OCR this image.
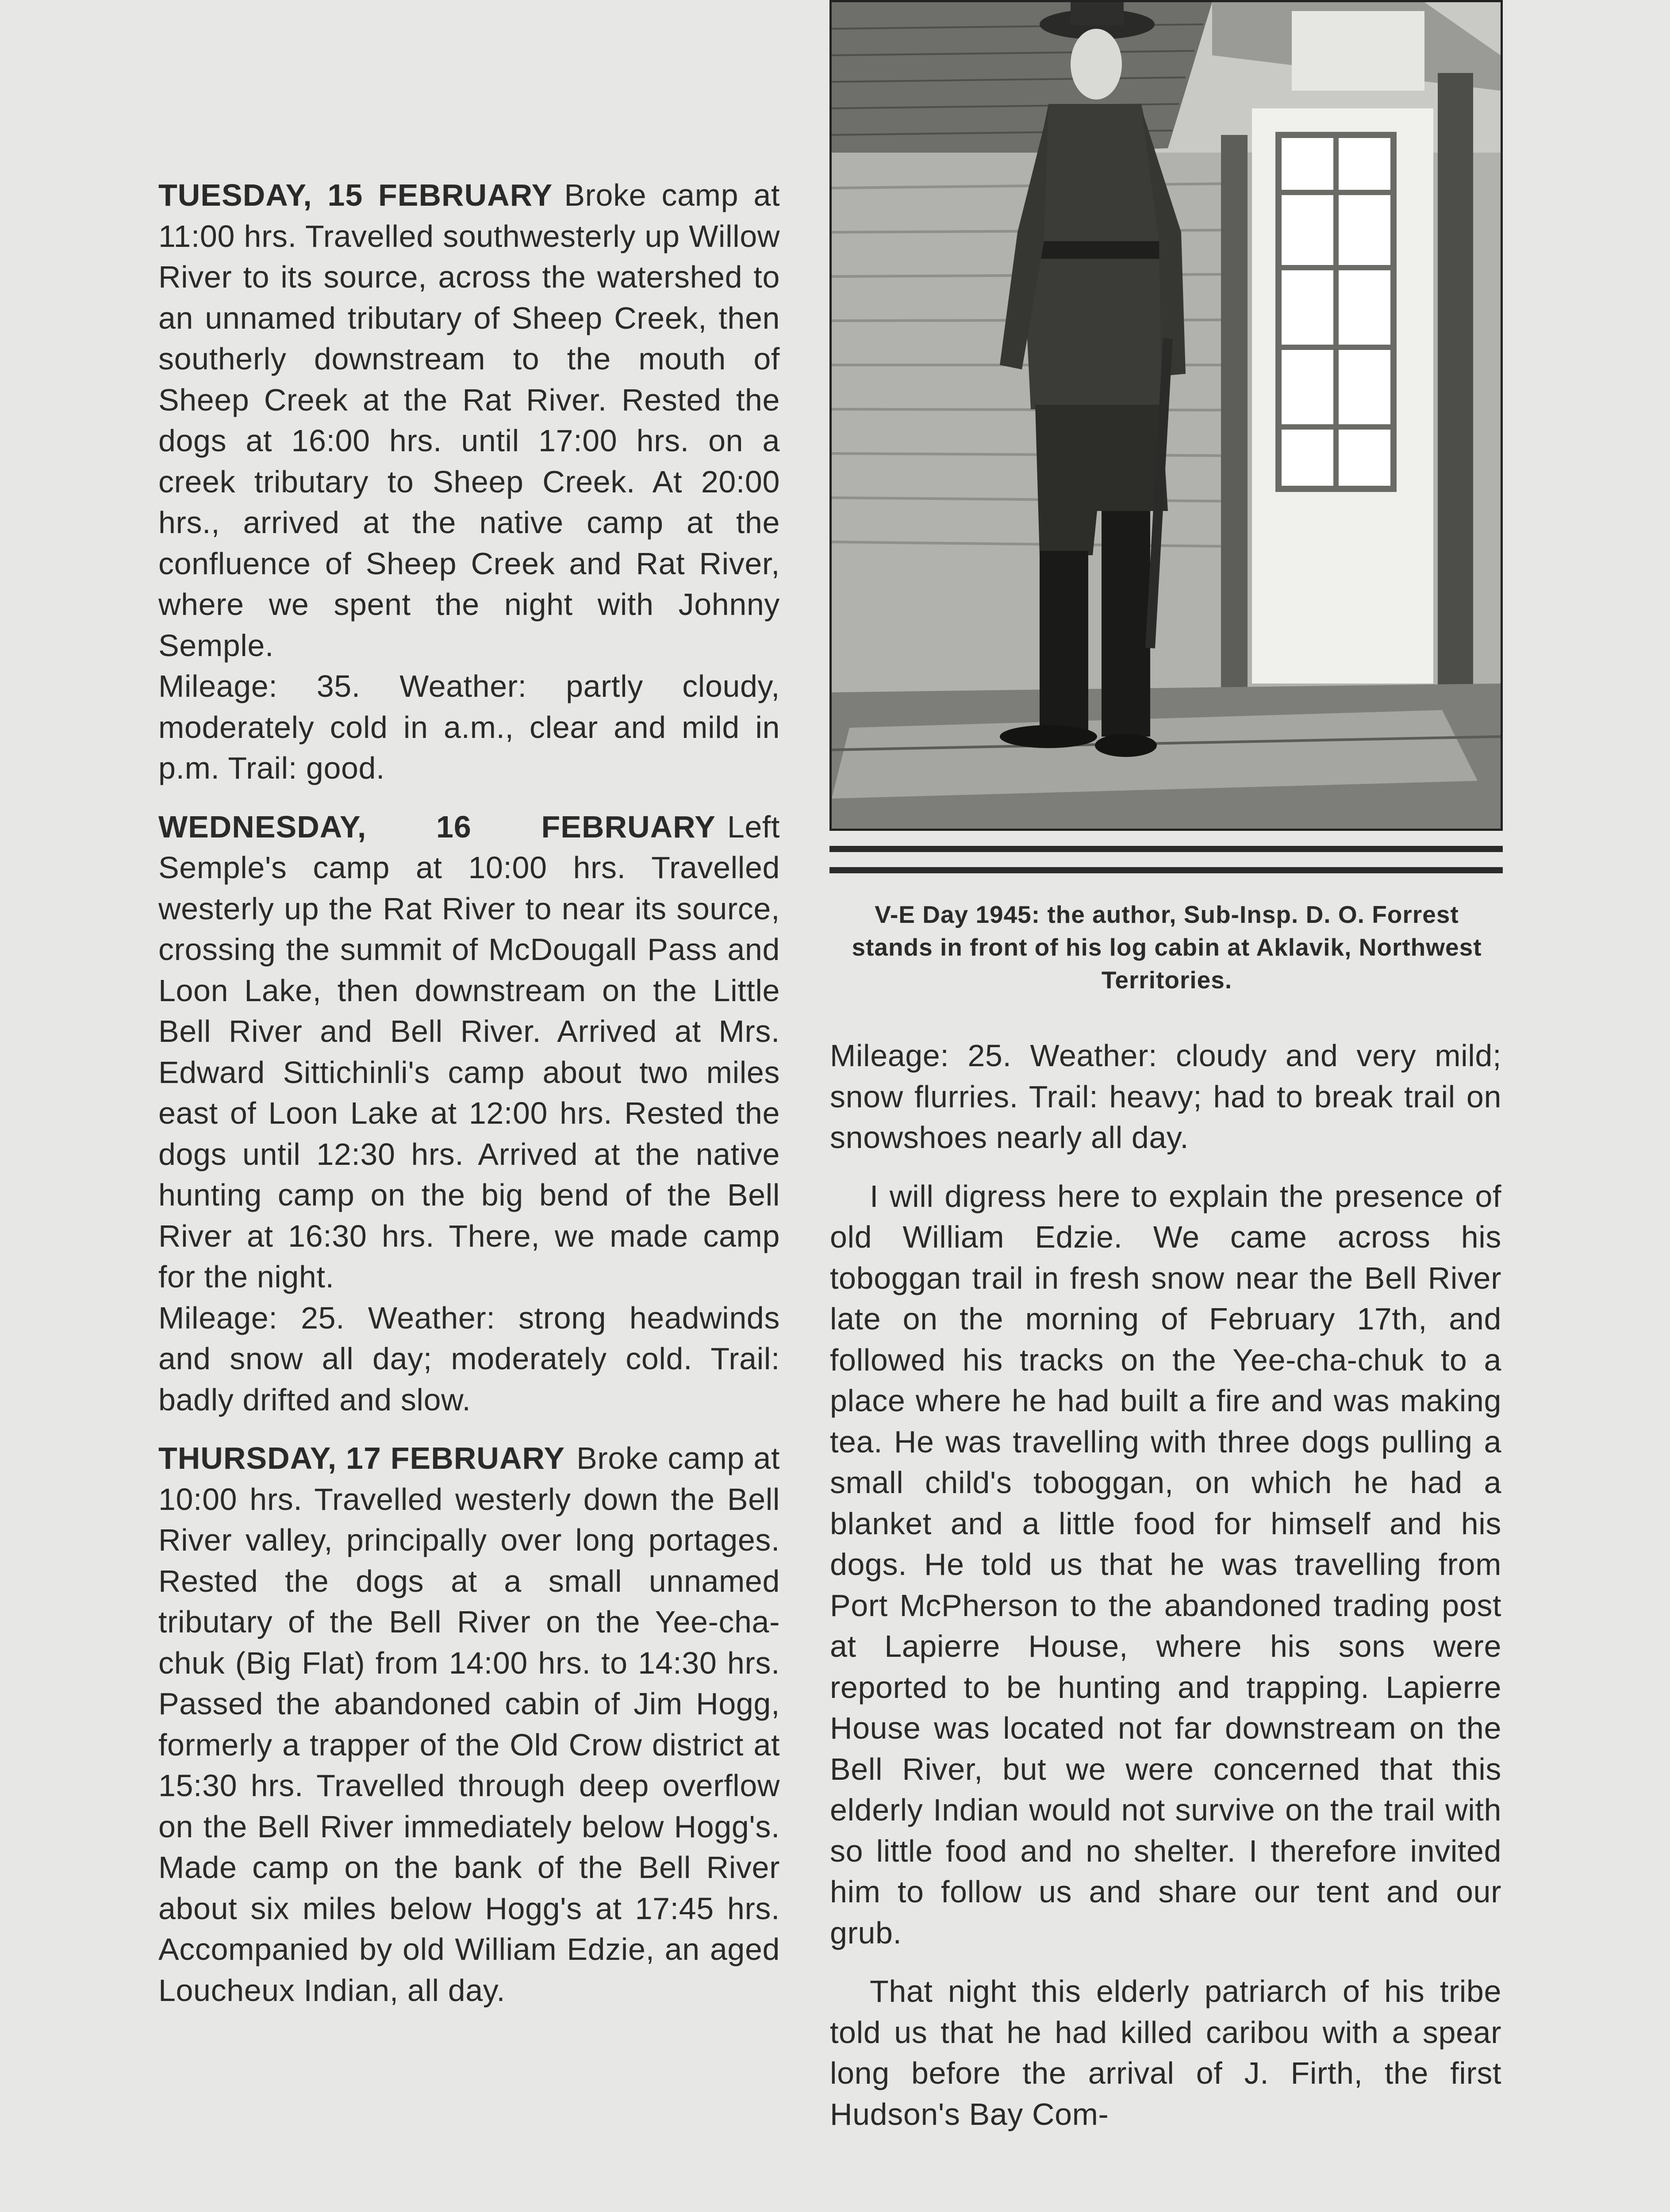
TUESDAY, 15 FEBRUARY Broke camp at 11:00 hrs. Travelled southwesterly up Willow River to its source, across the watershed to an unnamed tributary of Sheep Creek, then southerly downstream to the mouth of Sheep Creek at the Rat River. Rested the dogs at 16:00 hrs. until 17:00 hrs. on a creek tributary to Sheep Creek. At 20:00 hrs., arrived at the native camp at the confluence of Sheep Creek and Rat River, where we spent the night with Johnny Semple.
Mileage: 35. Weather: partly cloudy, moderately cold in a.m., clear and mild in p.m. Trail: good.

WEDNESDAY, 16 FEBRUARY Left Semple's camp at 10:00 hrs. Travelled westerly up the Rat River to near its source, crossing the summit of McDougall Pass and Loon Lake, then downstream on the Little Bell River and Bell River. Arrived at Mrs. Edward Sittichinli's camp about two miles east of Loon Lake at 12:00 hrs. Rested the dogs until 12:30 hrs. Arrived at the native hunting camp on the big bend of the Bell River at 16:30 hrs. There, we made camp for the night.
Mileage: 25. Weather: strong headwinds and snow all day; moderately cold. Trail: badly drifted and slow.

THURSDAY, 17 FEBRUARY Broke camp at 10:00 hrs. Travelled westerly down the Bell River valley, principally over long portages. Rested the dogs at a small unnamed tributary of the Bell River on the Yee-cha-chuk (Big Flat) from 14:00 hrs. to 14:30 hrs. Passed the abandoned cabin of Jim Hogg, formerly a trapper of the Old Crow district at 15:30 hrs. Travelled through deep overflow on the Bell River immediately below Hogg's. Made camp on the bank of the Bell River about six miles below Hogg's at 17:45 hrs. Accompanied by old William Edzie, an aged Loucheux Indian, all day.

V-E Day 1945: the author, Sub-Insp. D. O. Forrest stands in front of his log cabin at Aklavik, Northwest Territories.

Mileage: 25. Weather: cloudy and very mild; snow flurries. Trail: heavy; had to break trail on snowshoes nearly all day.

I will digress here to explain the presence of old William Edzie. We came across his toboggan trail in fresh snow near the Bell River late on the morning of February 17th, and followed his tracks on the Yee-cha-chuk to a place where he had built a fire and was making tea. He was travelling with three dogs pulling a small child's toboggan, on which he had a blanket and a little food for himself and his dogs. He told us that he was travelling from Port McPherson to the abandoned trading post at Lapierre House, where his sons were reported to be hunting and trapping. Lapierre House was located not far downstream on the Bell River, but we were concerned that this elderly Indian would not survive on the trail with so little food and no shelter. I therefore invited him to follow us and share our tent and our grub.

That night this elderly patriarch of his tribe told us that he had killed caribou with a spear long before the arrival of J. Firth, the first Hudson's Bay Com-
